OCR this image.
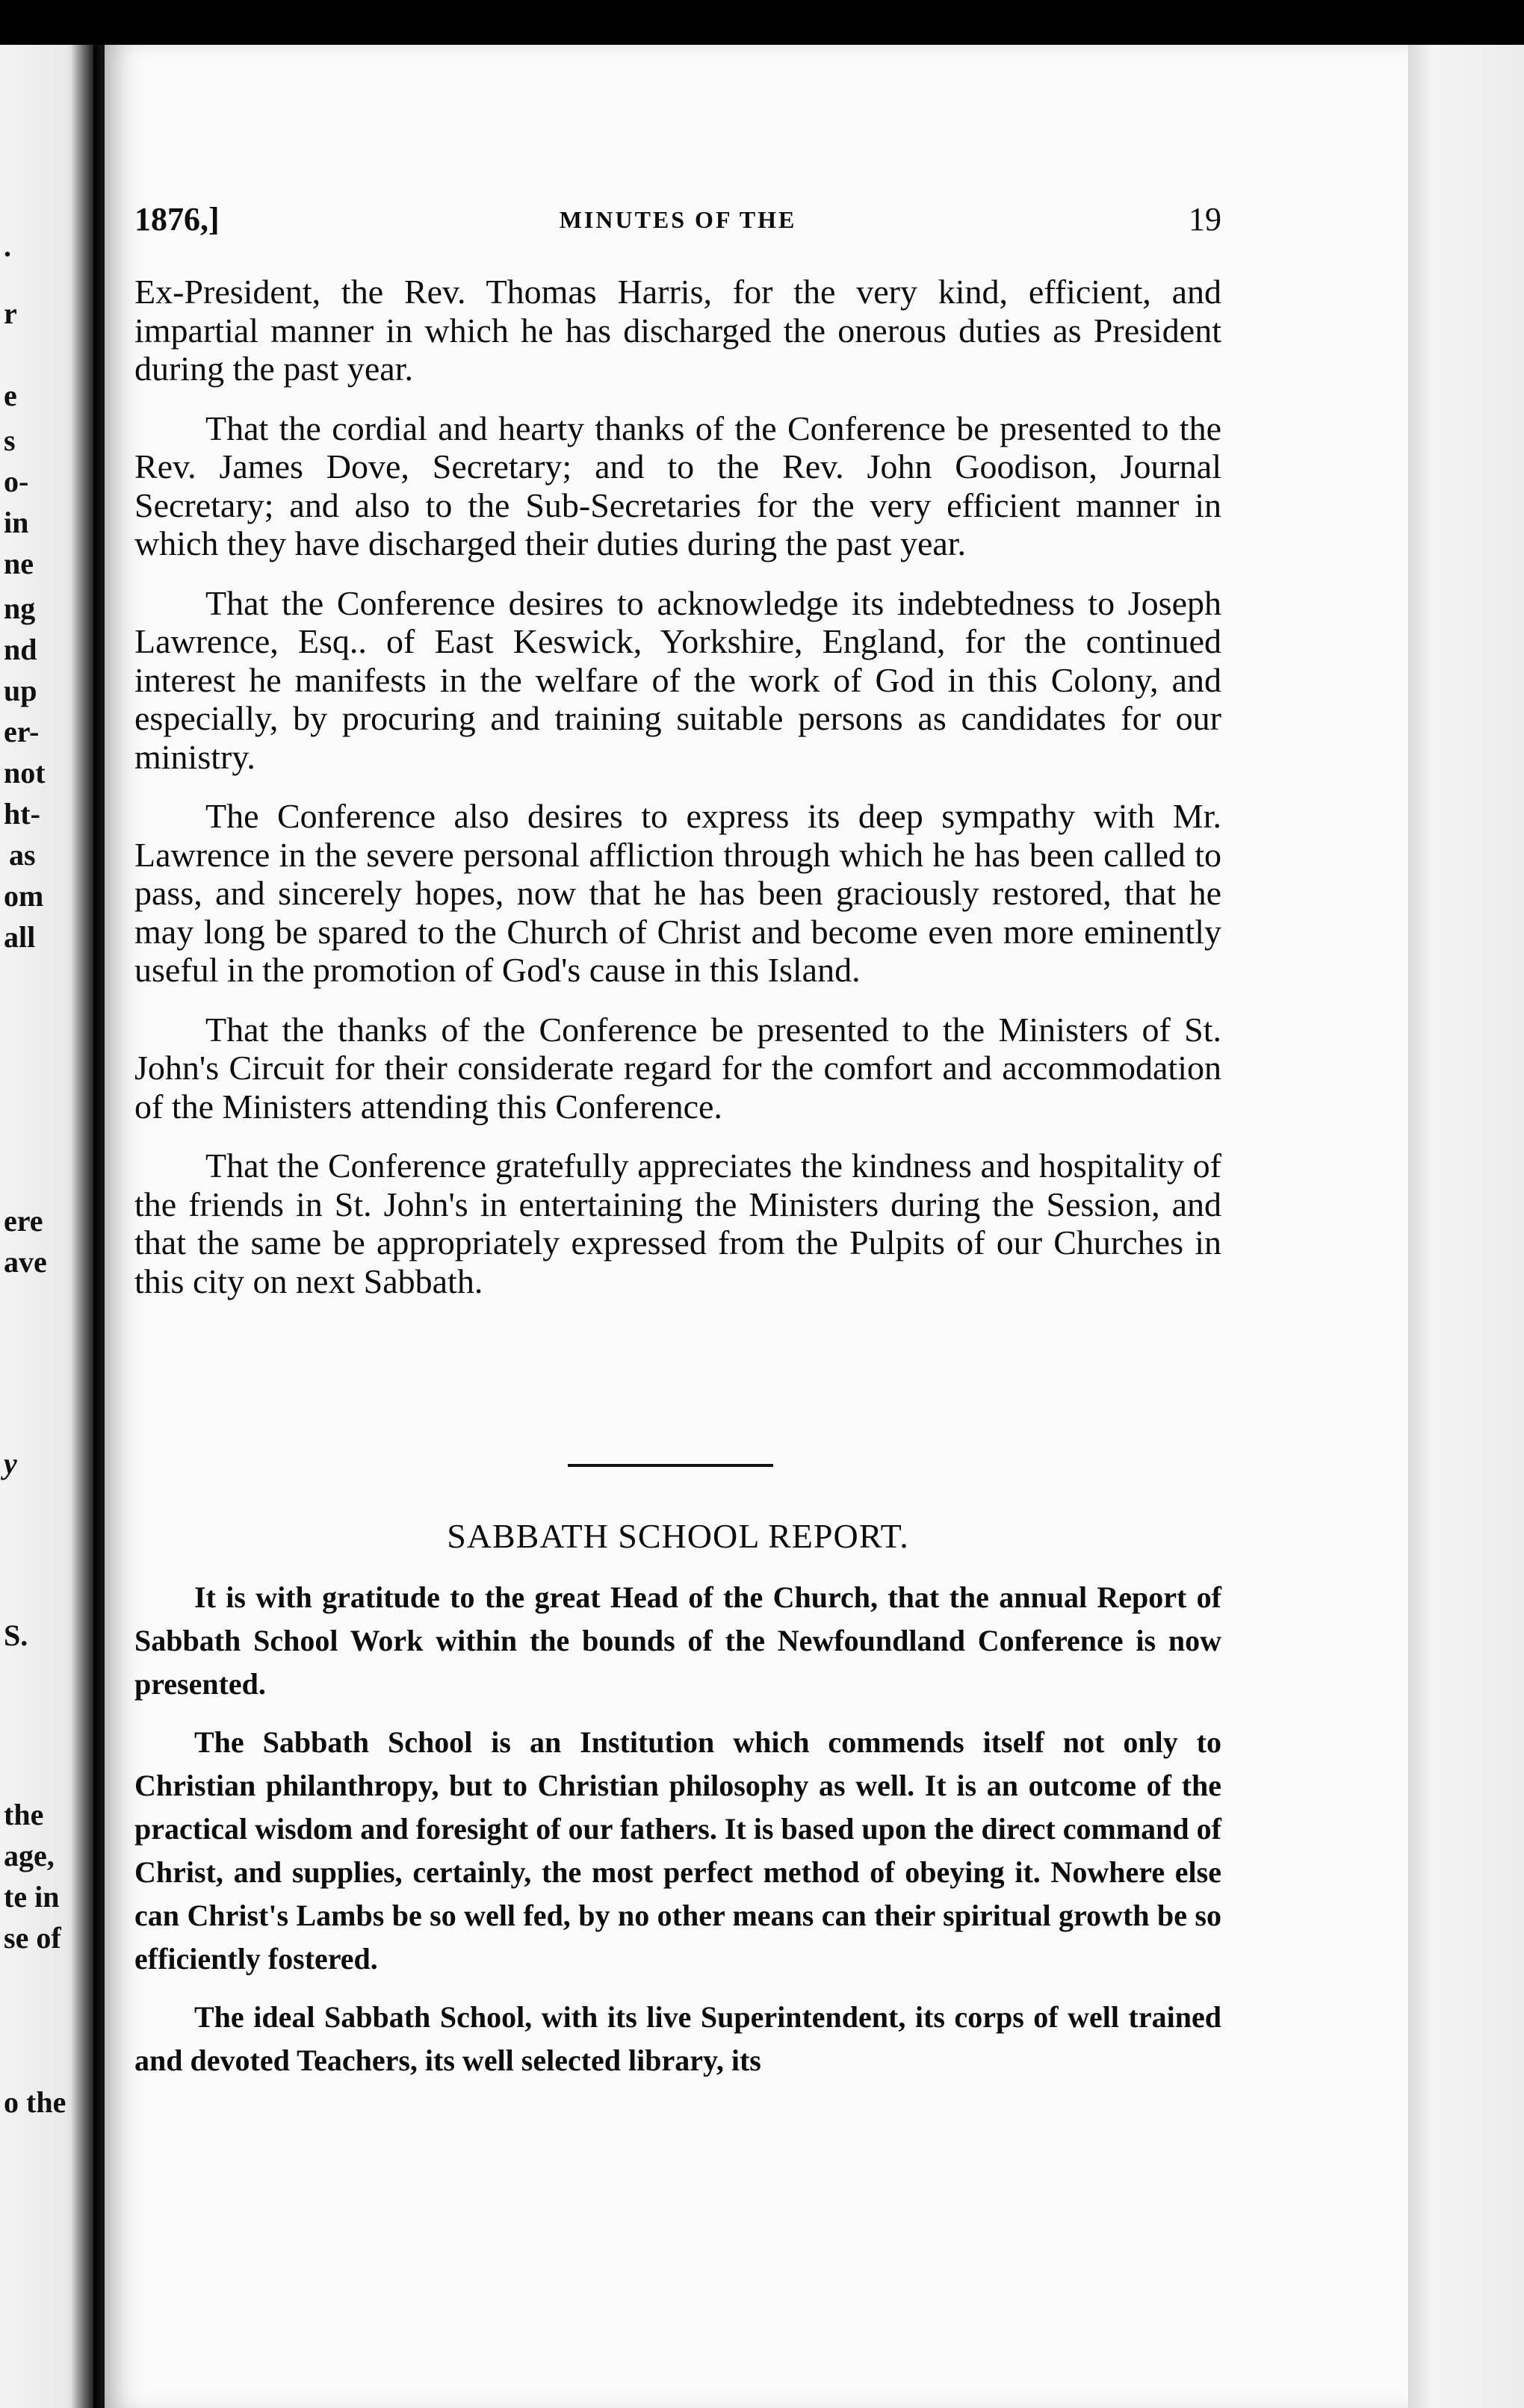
.
r
e
s
o-
in
ne
ng
nd
up
er-
not
ht-
as
om
all
ere
ave
y
S.
the
age,
te in
se of
o the
1876,]	MINUTES OF THE	19

Ex-President, the Rev. Thomas Harris, for the very kind, efficient, and impartial manner in which he has discharged the onerous duties as President during the past year.

That the cordial and hearty thanks of the Conference be presented to the Rev. James Dove, Secretary; and to the Rev. John Goodison, Journal Secretary; and also to the Sub-Secretaries for the very efficient manner in which they have discharged their duties during the past year.

That the Conference desires to acknowledge its indebtedness to Joseph Lawrence, Esq.. of East Keswick, Yorkshire, England, for the continued interest he manifests in the welfare of the work of God in this Colony, and especially, by procuring and training suitable persons as candidates for our ministry.

The Conference also desires to express its deep sympathy with Mr. Lawrence in the severe personal affliction through which he has been called to pass, and sincerely hopes, now that he has been graciously restored, that he may long be spared to the Church of Christ and become even more eminently useful in the promotion of God's cause in this Island.

That the thanks of the Conference be presented to the Ministers of St. John's Circuit for their considerate regard for the comfort and accommodation of the Ministers attending this Conference.

That the Conference gratefully appreciates the kindness and hospitality of the friends in St. John's in entertaining the Ministers during the Session, and that the same be appropriately expressed from the Pulpits of our Churches in this city on next Sabbath.

SABBATH SCHOOL REPORT.

It is with gratitude to the great Head of the Church, that the annual Report of Sabbath School Work within the bounds of the Newfoundland Conference is now presented.

The Sabbath School is an Institution which commends itself not only to Christian philanthropy, but to Christian philosophy as well. It is an outcome of the practical wisdom and foresight of our fathers. It is based upon the direct command of Christ, and supplies, certainly, the most perfect method of obeying it. Nowhere else can Christ's Lambs be so well fed, by no other means can their spiritual growth be so efficiently fostered.

The ideal Sabbath School, with its live Superintendent, its corps of well trained and devoted Teachers, its well selected library, its
